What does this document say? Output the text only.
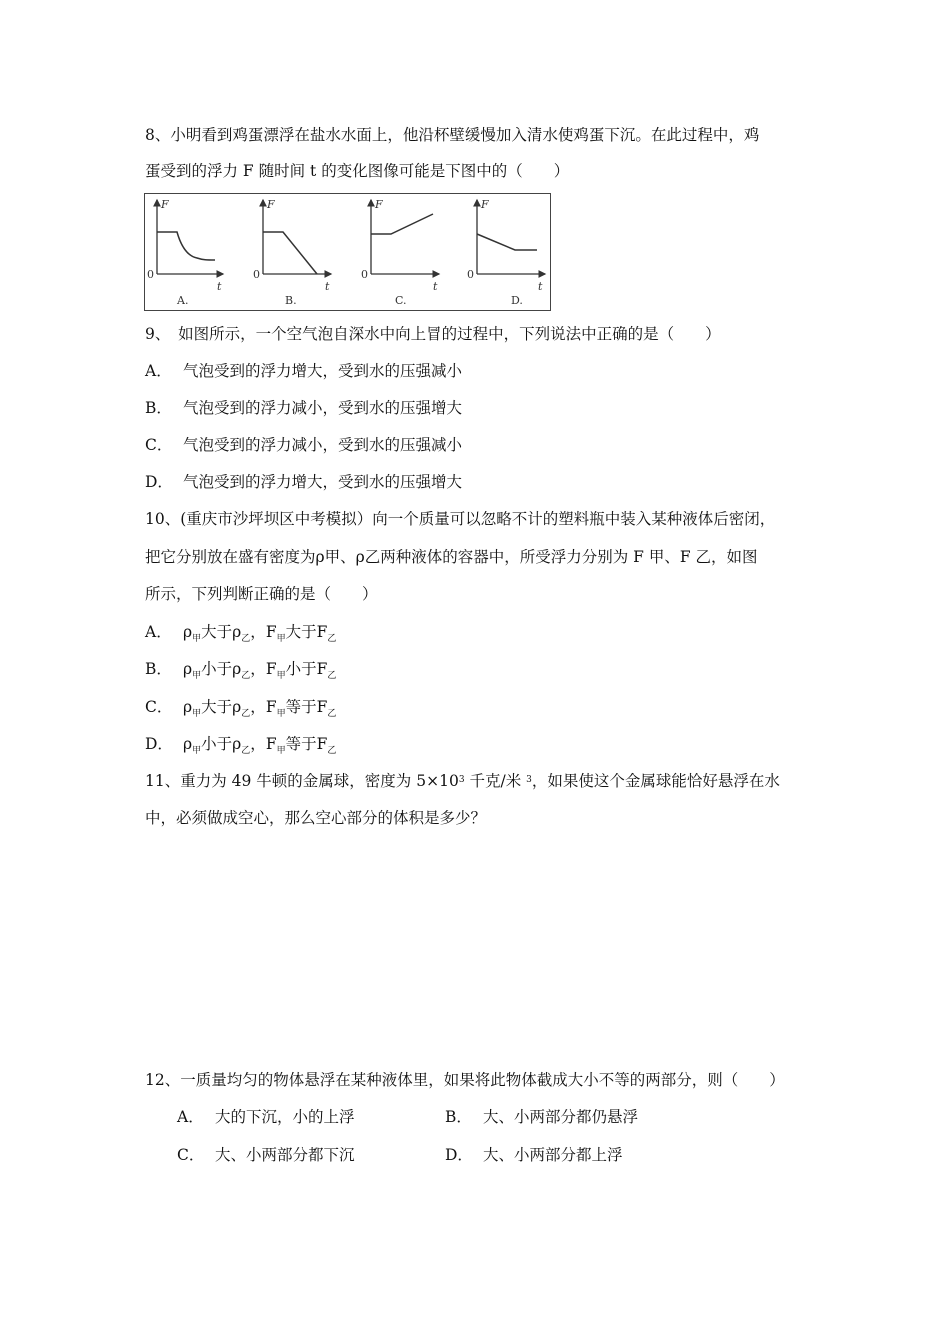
8、小明看到鸡蛋漂浮在盐水水面上，他沿杯壁缓慢加入清水使鸡蛋下沉。在此过程中，鸡
蛋受到的浮力 F 随时间 t 的变化图像可能是下图中的（　　）
F
t
0
A.
F
t
0
B.
F
t
0
C.
F
t
0
D.
9、　如图所示，一个空气泡自深水中向上冒的过程中，下列说法中正确的是（　　）
A． 气泡受到的浮力增大，受到水的压强减小
B． 气泡受到的浮力减小，受到水的压强增大
C． 气泡受到的浮力减小，受到水的压强减小
D． 气泡受到的浮力增大，受到水的压强增大
10、(重庆市沙坪坝区中考模拟）向一个质量可以忽略不计的塑料瓶中装入某种液体后密闭，
把它分别放在盛有密度为ρ甲、ρ乙两种液体的容器中，所受浮力分别为 F 甲、F 乙，如图
所示，下列判断正确的是（　　）
A． $\rho_甲$大于$\rho_乙$，$F_甲$大于$F_乙$
B． $\rho_甲$小于$\rho_乙$，$F_甲$小于$F_乙$
C． $\rho_甲$大于$\rho_乙$，$F_甲$等于$F_乙$
D． $\rho_甲$小于$\rho_乙$，$F_甲$等于$F_乙$
11、重力为 49 牛顿的金属球，密度为 $5\times 10^3$ 千克/米 $^3$，如果使这个金属球能恰好悬浮在水
中，必须做成空心，那么空心部分的体积是多少？
12、一质量均匀的物体悬浮在某种液体里，如果将此物体截成大小不等的两部分，则（　　）
A． 大的下沉，小的上浮	B． 大、小两部分都仍悬浮
C． 大、小两部分都下沉	D． 大、小两部分都上浮
